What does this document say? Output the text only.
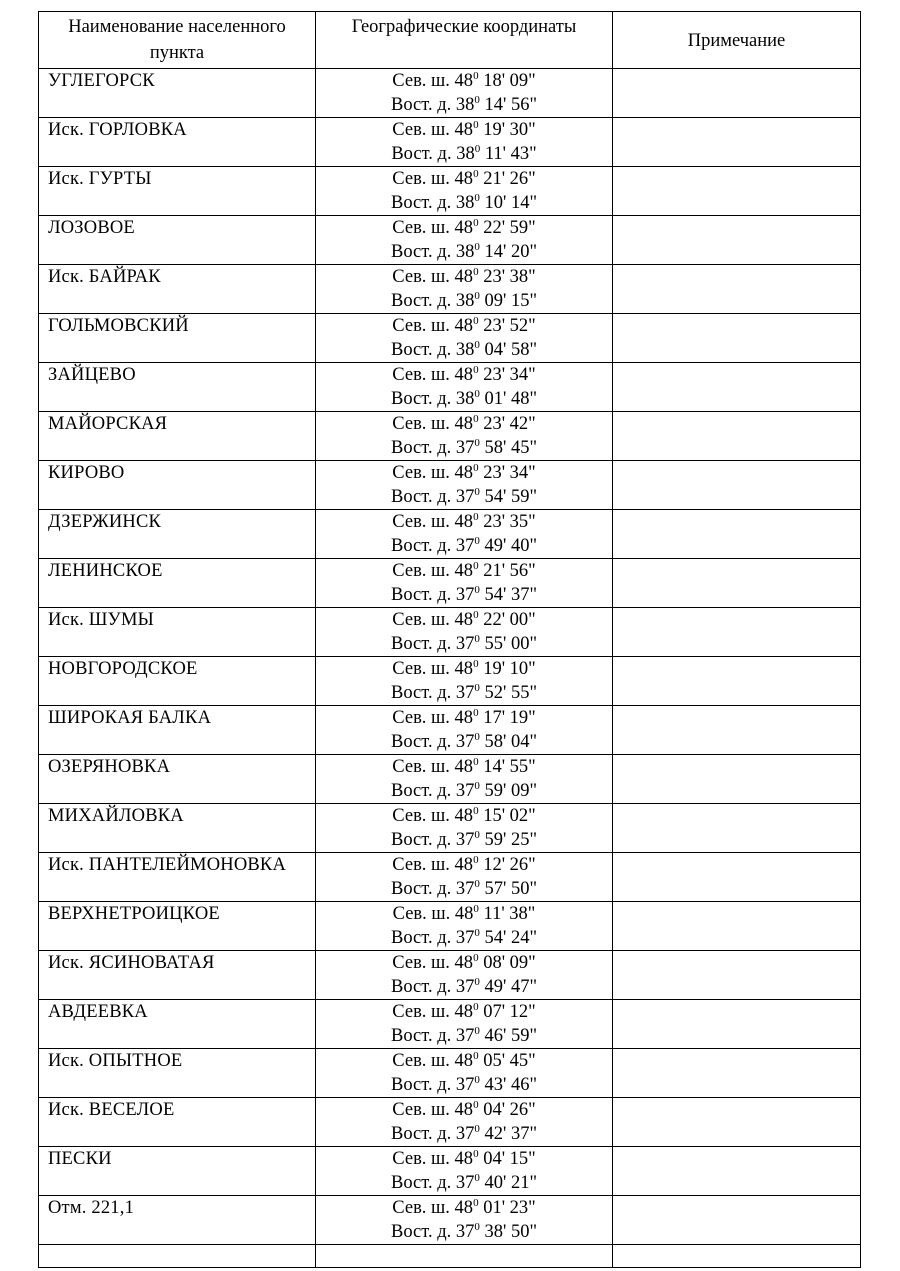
Наименование населенного пункта	Географические координаты	Примечание
УГЛЕГОРСК	Сев. ш. $48^0$ 18' 09"
Вост. д. $38^0$ 14' 56"	

Иск. ГОРЛОВКА	Сев. ш. $48^0$ 19' 30"
Вост. д. $38^0$ 11' 43"	

Иск. ГУРТЫ	Сев. ш. $48^0$ 21' 26"
Вост. д. $38^0$ 10' 14"	

ЛОЗОВОЕ	Сев. ш. $48^0$ 22' 59"
Вост. д. $38^0$ 14' 20"	

Иск. БАЙРАК	Сев. ш. $48^0$ 23' 38"
Вост. д. $38^0$ 09' 15"	

ГОЛЬМОВСКИЙ	Сев. ш. $48^0$ 23' 52"
Вост. д. $38^0$ 04' 58"	

ЗАЙЦЕВО	Сев. ш. $48^0$ 23' 34"
Вост. д. $38^0$ 01' 48"	

МАЙОРСКАЯ	Сев. ш. $48^0$ 23' 42"
Вост. д. $37^0$ 58' 45"	

КИРОВО	Сев. ш. $48^0$ 23' 34"
Вост. д. $37^0$ 54' 59"	

ДЗЕРЖИНСК	Сев. ш. $48^0$ 23' 35"
Вост. д. $37^0$ 49' 40"	

ЛЕНИНСКОЕ	Сев. ш. $48^0$ 21' 56"
Вост. д. $37^0$ 54' 37"	

Иск. ШУМЫ	Сев. ш. $48^0$ 22' 00"
Вост. д. $37^0$ 55' 00"	

НОВГОРОДСКОЕ	Сев. ш. $48^0$ 19' 10"
Вост. д. $37^0$ 52' 55"	

ШИРОКАЯ БАЛКА	Сев. ш. $48^0$ 17' 19"
Вост. д. $37^0$ 58' 04"	

ОЗЕРЯНОВКА	Сев. ш. $48^0$ 14' 55"
Вост. д. $37^0$ 59' 09"	

МИХАЙЛОВКА	Сев. ш. $48^0$ 15' 02"
Вост. д. $37^0$ 59' 25"	

Иск. ПАНТЕЛЕЙМОНОВКА	Сев. ш. $48^0$ 12' 26"
Вост. д. $37^0$ 57' 50"	

ВЕРХНЕТРОИЦКОЕ	Сев. ш. $48^0$ 11' 38"
Вост. д. $37^0$ 54' 24"	

Иск. ЯСИНОВАТАЯ	Сев. ш. $48^0$ 08' 09"
Вост. д. $37^0$ 49' 47"	

АВДЕЕВКА	Сев. ш. $48^0$ 07' 12"
Вост. д. $37^0$ 46' 59"	

Иск. ОПЫТНОЕ	Сев. ш. $48^0$ 05' 45"
Вост. д. $37^0$ 43' 46"	

Иск. ВЕСЕЛОЕ	Сев. ш. $48^0$ 04' 26"
Вост. д. $37^0$ 42' 37"	

ПЕСКИ	Сев. ш. $48^0$ 04' 15"
Вост. д. $37^0$ 40' 21"	

Отм. 221,1	Сев. ш. $48^0$ 01' 23"
Вост. д. $37^0$ 38' 50"	
